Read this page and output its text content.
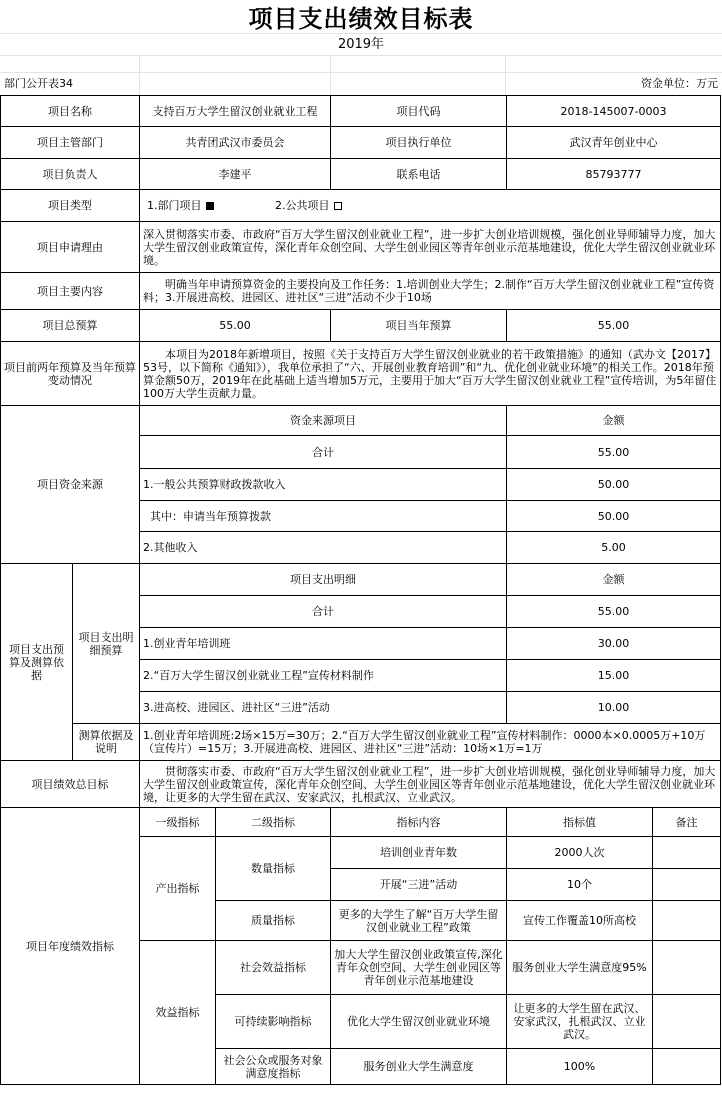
项目支出绩效目标表
2019年
部门公开表34	资金单位：万元
项目名称		支持百万大学生留汉创业就业工程		项目代码	2018-145007-0003	
项目主管部门		共青团武汉市委员会		项目执行单位	武汉青年创业中心	
项目负责人		李建平		联系电话	85793777	
项目类型		1.部门项目 2.公共项目				
项目申请理由		深入贯彻落实市委、市政府“百万大学生留汉创业就业工程”，进一步扩大创业培训规模，强化创业导师辅导力度，加大大学生留汉创业政策宣传，深化青年众创空间、大学生创业园区等青年创业示范基地建设，优化大学生留汉创业就业环境。				
项目主要内容		明确当年申请预算资金的主要投向及工作任务：1.培训创业大学生；2.制作“百万大学生留汉创业就业工程”宣传资料；3.开展进高校、进园区、进社区“三进”活动不少于10场				
项目总预算		55.00		项目当年预算	55.00	
项目前两年预算及当年预算变动情况		本项目为2018年新增项目，按照《关于支持百万大学生留汉创业就业的若干政策措施》的通知（武办文【2017】53号，以下简称《通知》），我单位承担了“六、开展创业教育培训”和“九、优化创业就业环境”的相关工作。2018年预算金额50万，2019年在此基础上适当增加5万元，主要用于加大“百万大学生留汉创业就业工程”宣传培训，为5年留住100万大学生贡献力量。				
项目资金来源		资金来源项目			金额	
		合计			55.00	
		1.一般公共预算财政拨款收入			50.00	
		其中：申请当年预算拨款			50.00	
		2.其他收入			5.00	
项目支出预算及测算依据	项目支出明细预算	项目支出明细			金额	
		合计			55.00	
		1.创业青年培训班			30.00	
		2.“百万大学生留汉创业就业工程”宣传材料制作			15.00	
		3.进高校、进园区、进社区“三进”活动			10.00	
	测算依据及说明	1.创业青年培训班:2场×15万=30万；2.“百万大学生留汉创业就业工程”宣传材料制作：0000本×0.0005万+10万（宣传片）=15万；3.开展进高校、进园区、进社区“三进”活动：10场×1万=1万				
项目绩效总目标		贯彻落实市委、市政府“百万大学生留汉创业就业工程”，进一步扩大创业培训规模，强化创业导师辅导力度，加大大学生留汉创业政策宣传，深化青年众创空间、大学生创业园区等青年创业示范基地建设，优化大学生留汉创业就业环境，让更多的大学生留在武汉、安家武汉，扎根武汉、立业武汉。				
项目年度绩效指标		一级指标	二级指标	指标内容	指标值	备注
		产出指标	数量指标	培训创业青年数	2000人次	
				开展“三进”活动	10个	
			质量指标	更多的大学生了解“百万大学生留汉创业就业工程”政策	宣传工作覆盖10所高校	
		效益指标	社会效益指标	加大大学生留汉创业政策宣传,深化青年众创空间、大学生创业园区等青年创业示范基地建设	服务创业大学生满意度95%	
			可持续影响指标	优化大学生留汉创业就业环境	让更多的大学生留在武汉、安家武汉，扎根武汉、立业武汉。	
			社会公众或服务对象满意度指标	服务创业大学生满意度	100%	
